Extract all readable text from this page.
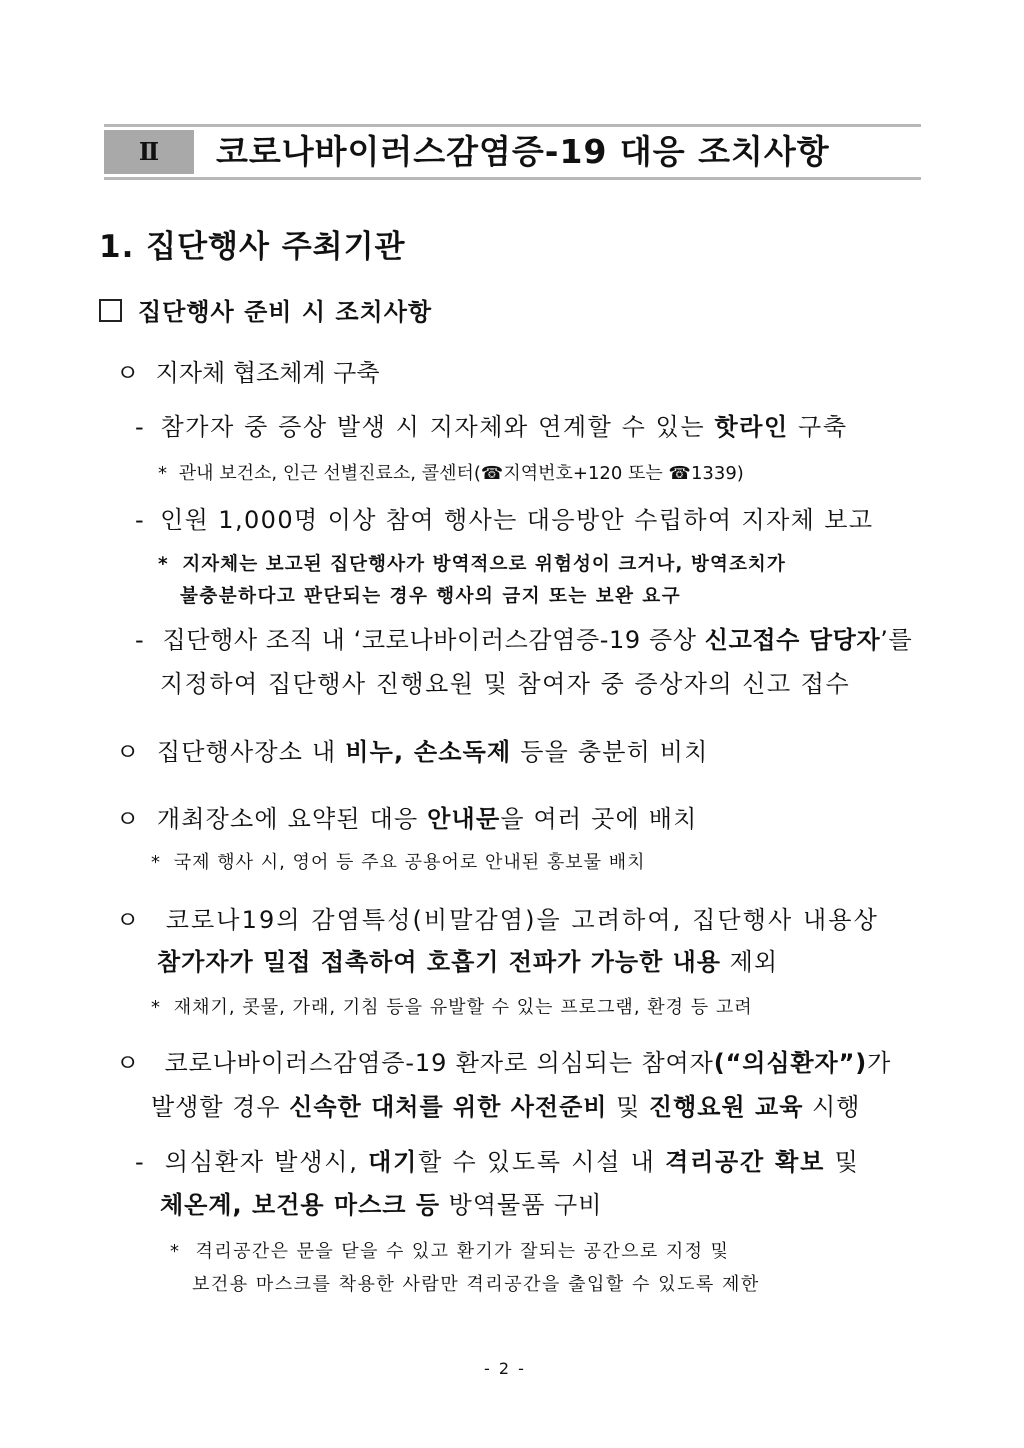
Ⅱ	코로나바이러스감염증-19 대응 조치사항
1. 집단행사 주최기관
집단행사 준비 시 조치사항
ㅇ 지자체 협조체계 구축
- 참가자 중 증상 발생 시 지자체와 연계할 수 있는 핫라인 구축
* 관내 보건소, 인근 선별진료소, 콜센터(☎지역번호+120 또는 ☎1339)
- 인원 1,000명 이상 참여 행사는 대응방안 수립하여 지자체 보고
* 지자체는 보고된 집단행사가 방역적으로 위험성이 크거나, 방역조치가
불충분하다고 판단되는 경우 행사의 금지 또는 보완 요구
- 집단행사 조직 내 ‘코로나바이러스감염증-19 증상 신고접수 담당자’를
지정하여 집단행사 진행요원 및 참여자 중 증상자의 신고 접수
ㅇ 집단행사장소 내 비누, 손소독제 등을 충분히 비치
ㅇ 개최장소에 요약된 대응 안내문을 여러 곳에 배치
* 국제 행사 시, 영어 등 주요 공용어로 안내된 홍보물 배치
ㅇ 코로나19의 감염특성(비말감염)을 고려하여, 집단행사 내용상
참가자가 밀접 접촉하여 호흡기 전파가 가능한 내용 제외
* 재채기, 콧물, 가래, 기침 등을 유발할 수 있는 프로그램, 환경 등 고려
ㅇ 코로나바이러스감염증-19 환자로 의심되는 참여자(“의심환자”)가
발생할 경우 신속한 대처를 위한 사전준비 및 진행요원 교육 시행
- 의심환자 발생시, 대기할 수 있도록 시설 내 격리공간 확보 및
체온계, 보건용 마스크 등 방역물품 구비
* 격리공간은 문을 닫을 수 있고 환기가 잘되는 공간으로 지정 및
보건용 마스크를 착용한 사람만 격리공간을 출입할 수 있도록 제한
- 2 -
